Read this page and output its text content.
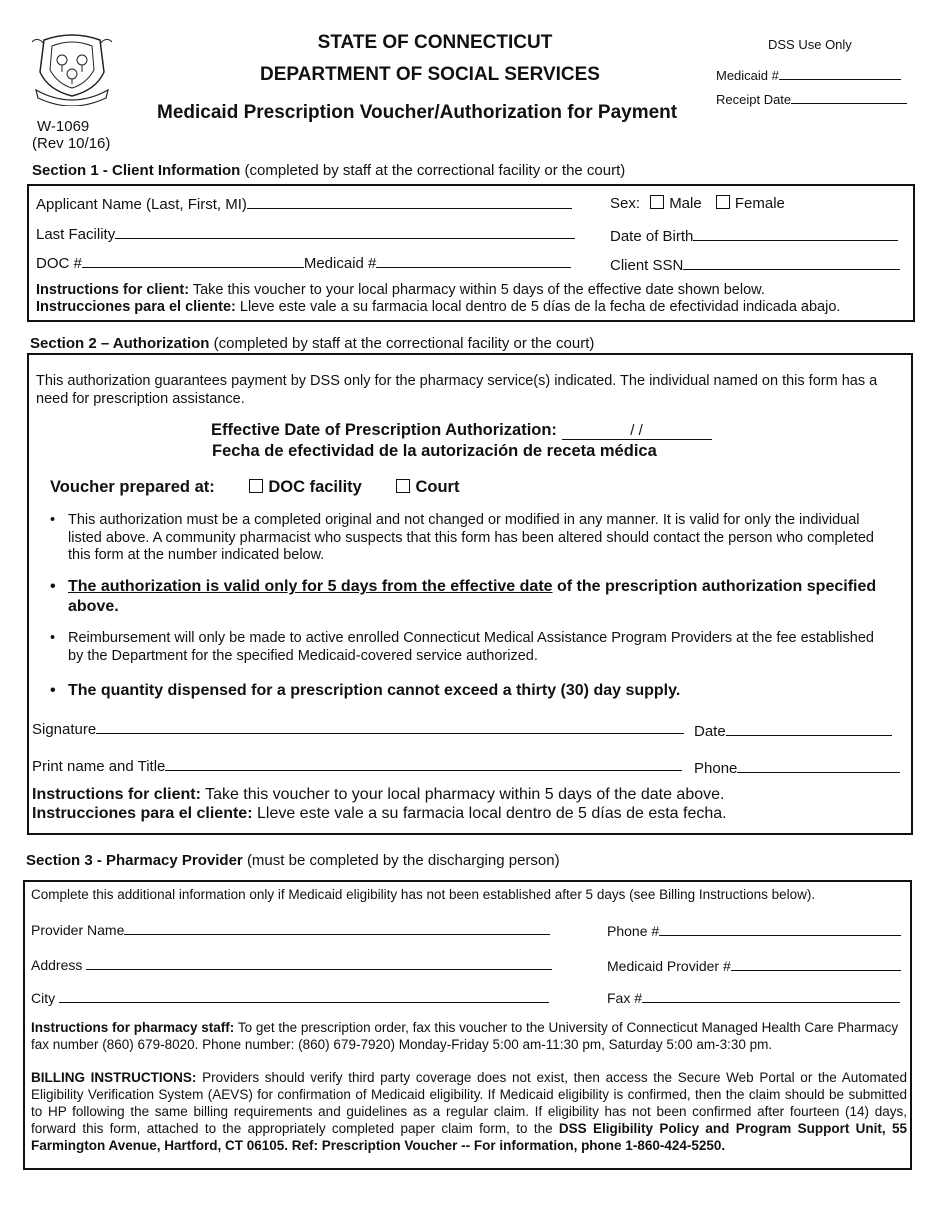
STATE OF CONNECTICUT
DEPARTMENT OF SOCIAL SERVICES
Medicaid Prescription Voucher/Authorization for Payment
W-1069
(Rev 10/16)
DSS Use Only
Medicaid #
Receipt Date
Section 1 - Client Information (completed by staff at the correctional facility or the court)
Applicant Name (Last, First, MI)	Sex: Male Female
Last Facility	Date of Birth
DOC #	Medicaid #	Client SSN
Instructions for client: Take this voucher to your local pharmacy within 5 days of the effective date shown below.
Instrucciones para el cliente: Lleve este vale a su farmacia local dentro de 5 días de la fecha de efectividad indicada abajo.
Section 2 – Authorization (completed by staff at the correctional facility or the court)
This authorization guarantees payment by DSS only for the pharmacy service(s) indicated. The individual named on this form has a need for prescription assistance.
Effective Date of Prescription Authorization:	/ /
Fecha de efectividad de la autorización de receta médica
Voucher prepared at:	DOC facility	Court
• This authorization must be a completed original and not changed or modified in any manner. It is valid for only the individual listed above. A community pharmacist who suspects that this form has been altered should contact the person who completed this form at the number indicated below.
• The authorization is valid only for 5 days from the effective date of the prescription authorization specified above.
• Reimbursement will only be made to active enrolled Connecticut Medical Assistance Program Providers at the fee established by the Department for the specified Medicaid-covered service authorized.
• The quantity dispensed for a prescription cannot exceed a thirty (30) day supply.
Signature	Date
Print name and Title	Phone
Instructions for client: Take this voucher to your local pharmacy within 5 days of the date above.
Instrucciones para el cliente: Lleve este vale a su farmacia local dentro de 5 días de esta fecha.
Section 3 - Pharmacy Provider (must be completed by the discharging person)
Complete this additional information only if Medicaid eligibility has not been established after 5 days (see Billing Instructions below).
Provider Name	Phone #
Address	Medicaid Provider #
City	Fax #
Instructions for pharmacy staff: To get the prescription order, fax this voucher to the University of Connecticut Managed Health Care Pharmacy fax number (860) 679-8020. Phone number: (860) 679-7920) Monday-Friday 5:00 am-11:30 pm, Saturday 5:00 am-3:30 pm.
BILLING INSTRUCTIONS: Providers should verify third party coverage does not exist, then access the Secure Web Portal or the Automated Eligibility Verification System (AEVS) for confirmation of Medicaid eligibility. If Medicaid eligibility is confirmed, then the claim should be submitted to HP following the same billing requirements and guidelines as a regular claim. If eligibility has not been confirmed after fourteen (14) days, forward this form, attached to the appropriately completed paper claim form, to the DSS Eligibility Policy and Program Support Unit, 55 Farmington Avenue, Hartford, CT 06105. Ref: Prescription Voucher -- For information, phone 1-860-424-5250.
